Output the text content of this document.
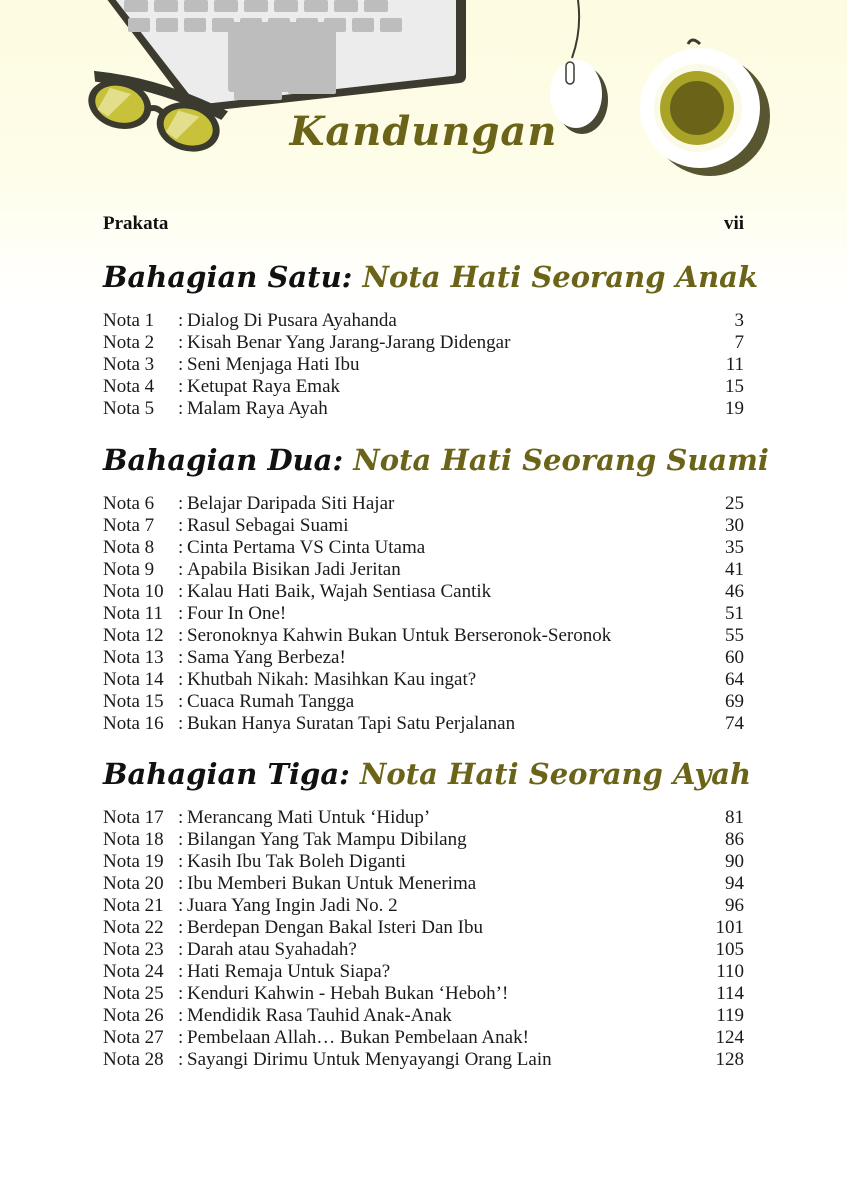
Kandungan
Prakata	vii
Bahagian Satu: Nota Hati Seorang Anak
Nota 1	: Dialog Di Pusara Ayahanda	3
Nota 2	: Kisah Benar Yang Jarang-Jarang Didengar	7
Nota 3	: Seni Menjaga Hati Ibu	11
Nota 4	: Ketupat Raya Emak	15
Nota 5	: Malam Raya Ayah	19
Bahagian Dua: Nota Hati Seorang Suami
Nota 6	: Belajar Daripada Siti Hajar	25
Nota 7	: Rasul Sebagai Suami	30
Nota 8	: Cinta Pertama VS Cinta Utama	35
Nota 9	: Apabila Bisikan Jadi Jeritan	41
Nota 10 : Kalau Hati Baik, Wajah Sentiasa Cantik	46
Nota 11 : Four In One!	51
Nota 12 : Seronoknya Kahwin Bukan Untuk Berseronok-Seronok	55
Nota 13 : Sama Yang Berbeza!	60
Nota 14 : Khutbah Nikah: Masihkan Kau ingat?	64
Nota 15 : Cuaca Rumah Tangga	69
Nota 16 : Bukan Hanya Suratan Tapi Satu Perjalanan	74
Bahagian Tiga: Nota Hati Seorang Ayah
Nota 17 : Merancang Mati Untuk ‘Hidup’	81
Nota 18 : Bilangan Yang Tak Mampu Dibilang	86
Nota 19 : Kasih Ibu Tak Boleh Diganti	90
Nota 20 : Ibu Memberi Bukan Untuk Menerima	94
Nota 21 : Juara Yang Ingin Jadi No. 2	96
Nota 22 : Berdepan Dengan Bakal Isteri Dan Ibu	101
Nota 23 : Darah atau Syahadah?	105
Nota 24 : Hati Remaja Untuk Siapa?	110
Nota 25 : Kenduri Kahwin - Hebah Bukan ‘Heboh’!	114
Nota 26 : Mendidik Rasa Tauhid Anak-Anak	119
Nota 27 : Pembelaan Allah… Bukan Pembelaan Anak!	124
Nota 28 : Sayangi Dirimu Untuk Menyayangi Orang Lain	128
